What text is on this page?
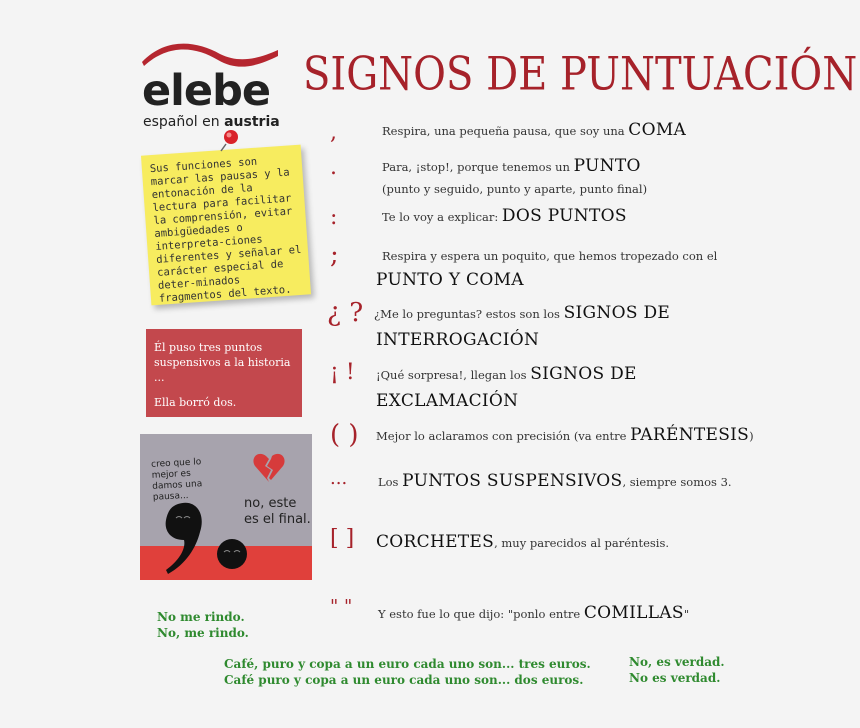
elebe
español en austria
SIGNOS DE PUNTUACIÓN
Sus funciones son marcar las pausas y la entonación de la lectura para facilitar la comprensión, evitar ambigüedades o interpreta-ciones diferentes y señalar el carácter especial de deter-minados fragmentos del texto.
Él puso tres puntos suspensivos a la historia ...
Ella borró dos.
creo que lo mejor es damos una pausa...	no, este es el final.
,	Respira, una pequeña pausa, que soy una COMA
.	Para, ¡stop!, porque tenemos un PUNTO
(punto y seguido, punto y aparte, punto final)
:	Te lo voy a explicar: DOS PUNTOS
;	Respira y espera un poquito, que hemos tropezado con el
PUNTO Y COMA
¿ ? ¿Me lo preguntas? estos son los SIGNOS DE
INTERROGACIÓN
¡ ! ¡Qué sorpresa!, llegan los SIGNOS DE
EXCLAMACIÓN
( ) Mejor lo aclaramos con precisión (va entre PARÉNTESIS)
...	Los PUNTOS SUSPENSIVOS, siempre somos 3.
[ ] CORCHETES, muy parecidos al paréntesis.
" " Y esto fue lo que dijo: "ponlo entre COMILLAS"
No me rindo.
No, me rindo.
Café, puro y copa a un euro cada uno son... tres euros.
Café puro y copa a un euro cada uno son... dos euros.
No, es verdad.
No es verdad.
